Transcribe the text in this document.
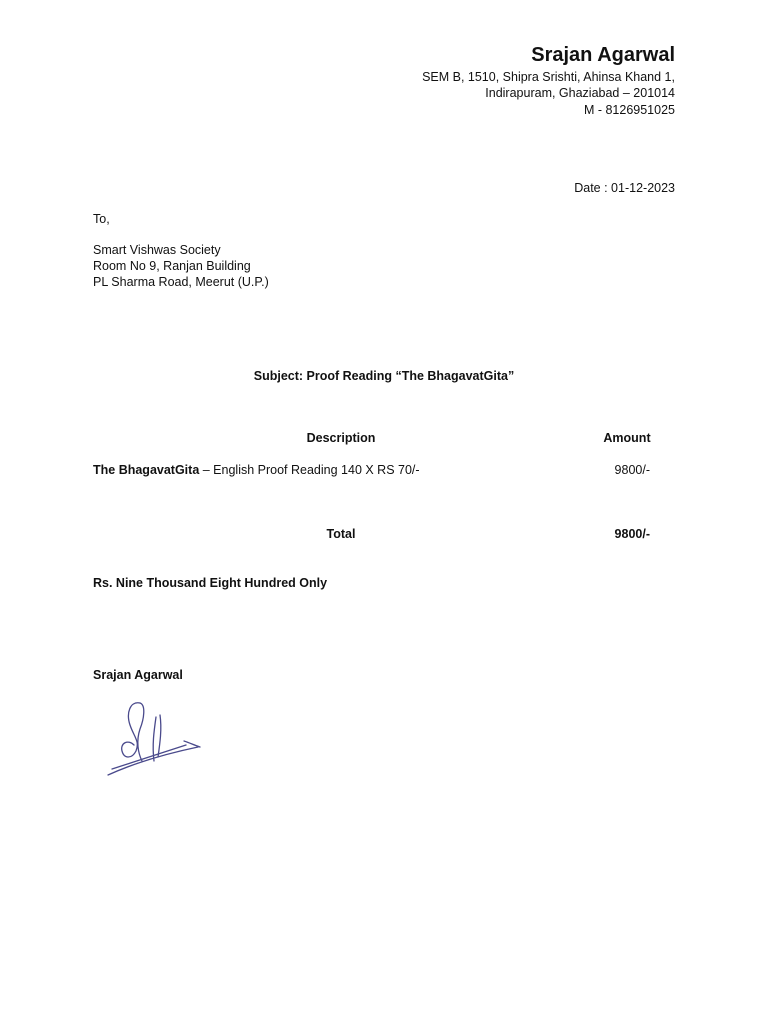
Srajan Agarwal
SEM B, 1510, Shipra Srishti, Ahinsa Khand 1,
Indirapuram, Ghaziabad – 201014
M - 8126951025
Date : 01-12-2023
To,
Smart Vishwas Society
Room No 9, Ranjan Building
PL Sharma Road, Meerut (U.P.)
Subject: Proof Reading “The BhagavatGita”
Description	Amount
The BhagavatGita – English Proof Reading 140 X RS 70/-	9800/-
Total	9800/-
Rs. Nine Thousand Eight Hundred Only
Srajan Agarwal
